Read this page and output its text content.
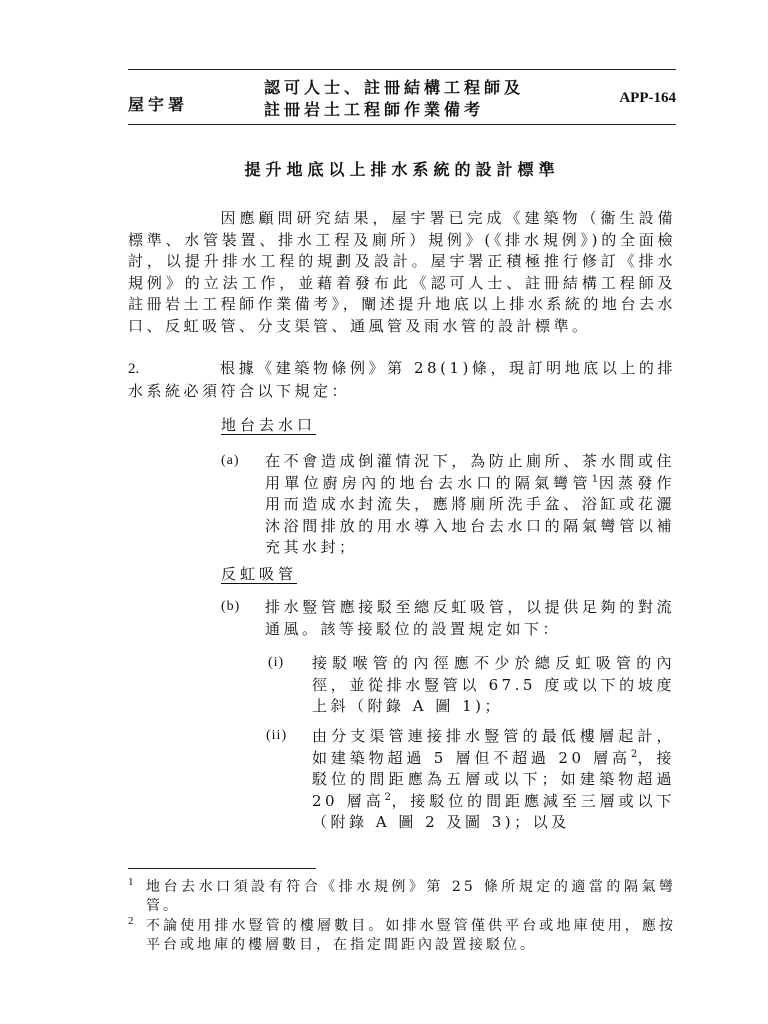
屋宇署
認可人士、註冊結構工程師及
註冊岩土工程師作業備考
APP-164
提升地底以上排水系統的設計標準
因應顧問研究結果，屋宇署已完成《建築物（衞生設備標準、水管裝置、排水工程及廁所）規例》(《排水規例》)的全面檢討，以提升排水工程的規劃及設計。屋宇署正積極推行修訂《排水規例》的立法工作，並藉着發布此《認可人士、註冊結構工程師及註冊岩土工程師作業備考》，闡述提升地底以上排水系統的地台去水口、反虹吸管、分支渠管、通風管及雨水管的設計標準。
2.	根據《建築物條例》第 28(1)條，現訂明地底以上的排水系統必須符合以下規定：
地台去水口
(a) 在不會造成倒灌情況下，為防止廁所、茶水間或住用單位廚房內的地台去水口的隔氣彎管$^1$因蒸發作用而造成水封流失，應將廁所洗手盆、浴缸或花灑沐浴間排放的用水導入地台去水口的隔氣彎管以補充其水封；
反虹吸管
(b) 排水豎管應接駁至總反虹吸管，以提供足夠的對流通風。該等接駁位的設置規定如下：
(i) 接駁喉管的內徑應不少於總反虹吸管的內徑，並從排水豎管以 67.5 度或以下的坡度上斜（附錄 A 圖 1)；
(ii) 由分支渠管連接排水豎管的最低樓層起計， 如建築物超過 5 層但不超過 20 層高$^2$，接駁位的間距應為五層或以下；如建築物超過 20 層高$^2$，接駁位的間距應減至三層或以下（附錄 A 圖 2 及圖 3)；以及
1 地台去水口須設有符合《排水規例》第 25 條所規定的適當的隔氣彎管。
2 不論使用排水豎管的樓層數目。如排水豎管僅供平台或地庫使用，應按平台或地庫的樓層數目，在指定間距內設置接駁位。
